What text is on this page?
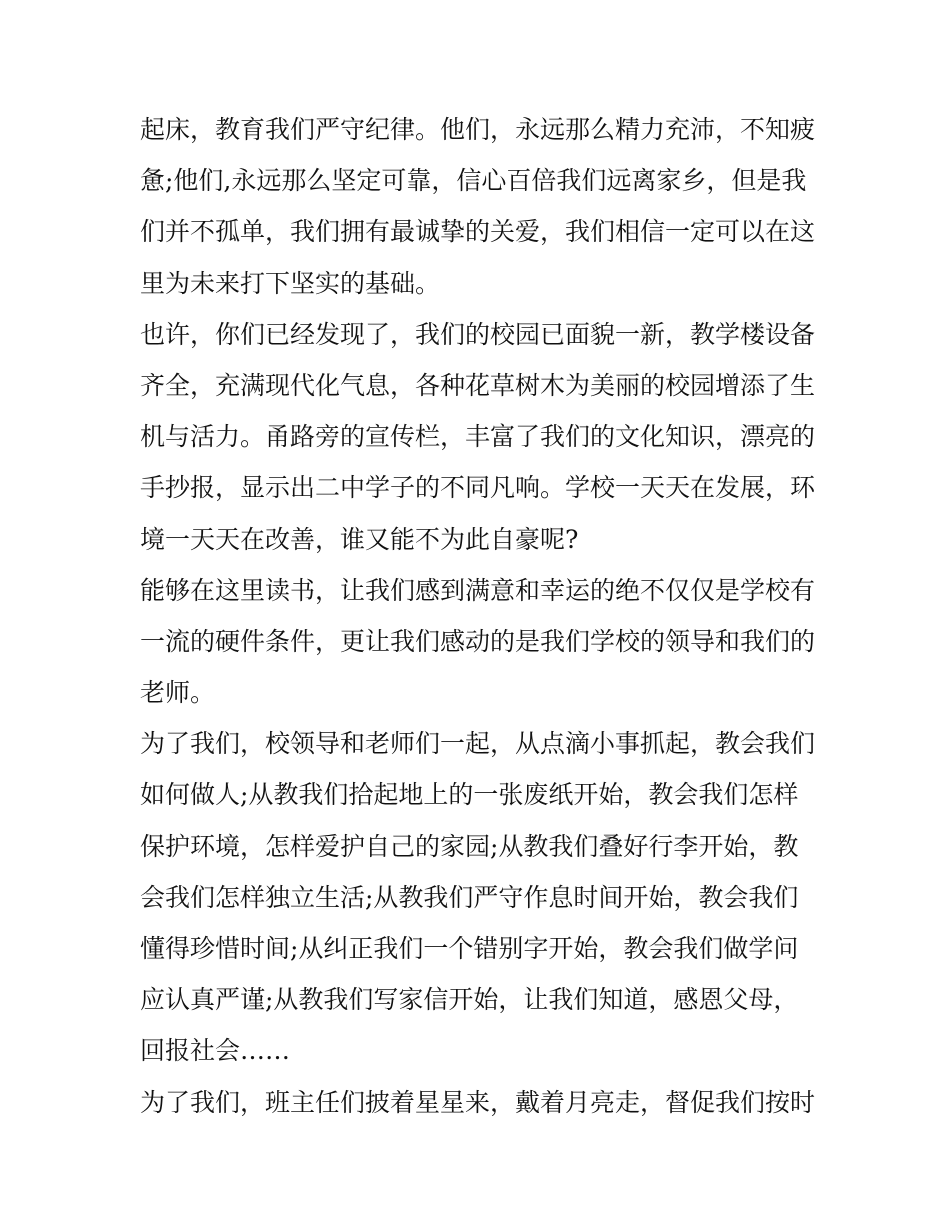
起床，教育我们严守纪律。他们，永远那么精力充沛，不知疲
惫;他们,永远那么坚定可靠，信心百倍我们远离家乡，但是我
们并不孤单，我们拥有最诚挚的关爱，我们相信一定可以在这
里为未来打下坚实的基础。
也许，你们已经发现了，我们的校园已面貌一新，教学楼设备
齐全，充满现代化气息，各种花草树木为美丽的校园增添了生
机与活力。甬路旁的宣传栏，丰富了我们的文化知识，漂亮的
手抄报，显示出二中学子的不同凡响。学校一天天在发展，环
境一天天在改善，谁又能不为此自豪呢?
能够在这里读书，让我们感到满意和幸运的绝不仅仅是学校有
一流的硬件条件，更让我们感动的是我们学校的领导和我们的
老师。
为了我们，校领导和老师们一起，从点滴小事抓起，教会我们
如何做人;从教我们拾起地上的一张废纸开始，教会我们怎样
保护环境，怎样爱护自己的家园;从教我们叠好行李开始，教
会我们怎样独立生活;从教我们严守作息时间开始，教会我们
懂得珍惜时间;从纠正我们一个错别字开始，教会我们做学问
应认真严谨;从教我们写家信开始，让我们知道，感恩父母，
回报社会……
为了我们，班主任们披着星星来，戴着月亮走，督促我们按时
